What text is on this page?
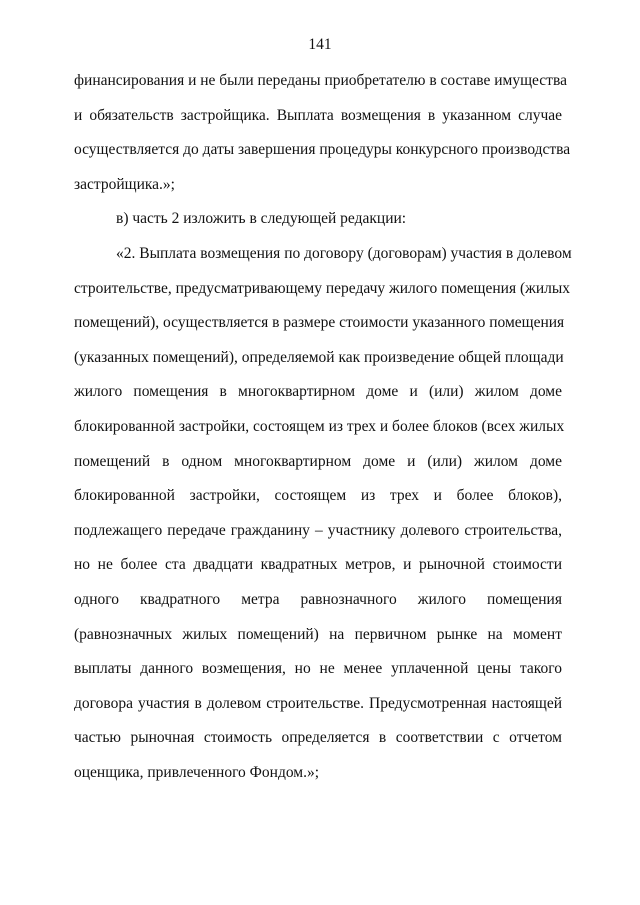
141
финансирования и не были переданы приобретателю в составе имущества
и обязательств застройщика. Выплата возмещения в указанном случае
осуществляется до даты завершения процедуры конкурсного производства
застройщика.»;
в) часть 2 изложить в следующей редакции:
«2. Выплата возмещения по договору (договорам) участия в долевом
строительстве, предусматривающему передачу жилого помещения (жилых
помещений), осуществляется в размере стоимости указанного помещения
(указанных помещений), определяемой как произведение общей площади
жилого помещения в многоквартирном доме и (или) жилом доме
блокированной застройки, состоящем из трех и более блоков (всех жилых
помещений в одном многоквартирном доме и (или) жилом доме
блокированной застройки, состоящем из трех и более блоков),
подлежащего передаче гражданину – участнику долевого строительства,
но не более ста двадцати квадратных метров, и рыночной стоимости
одного квадратного метра равнозначного жилого помещения
(равнозначных жилых помещений) на первичном рынке на момент
выплаты данного возмещения, но не менее уплаченной цены такого
договора участия в долевом строительстве. Предусмотренная настоящей
частью рыночная стоимость определяется в соответствии с отчетом
оценщика, привлеченного Фондом.»;
